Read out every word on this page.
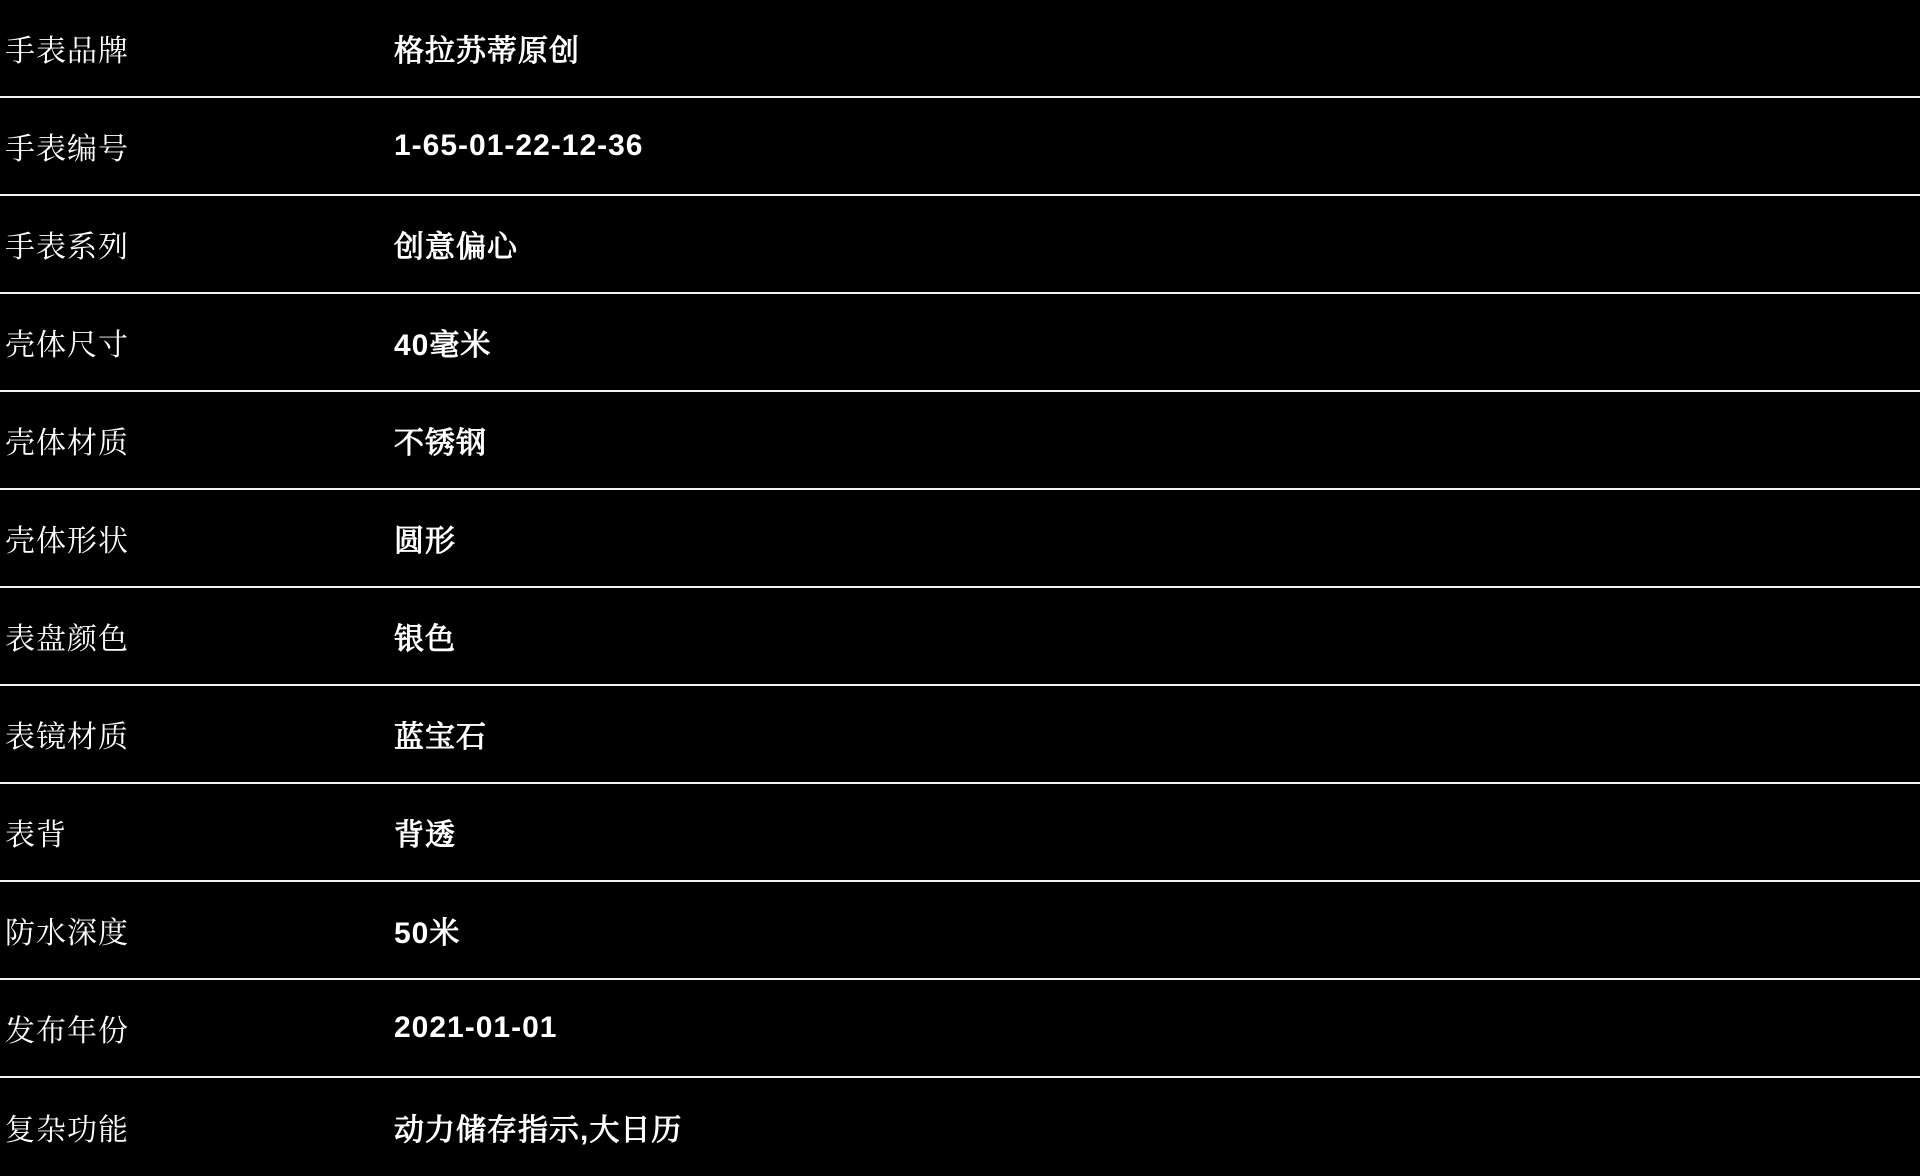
手表品牌	格拉苏蒂原创
手表编号	1-65-01-22-12-36
手表系列	创意偏心
壳体尺寸	40毫米
壳体材质	不锈钢
壳体形状	圆形
表盘颜色	银色
表镜材质	蓝宝石
表背	背透
防水深度	50米
发布年份	2021-01-01
复杂功能	动力储存指示,大日历
